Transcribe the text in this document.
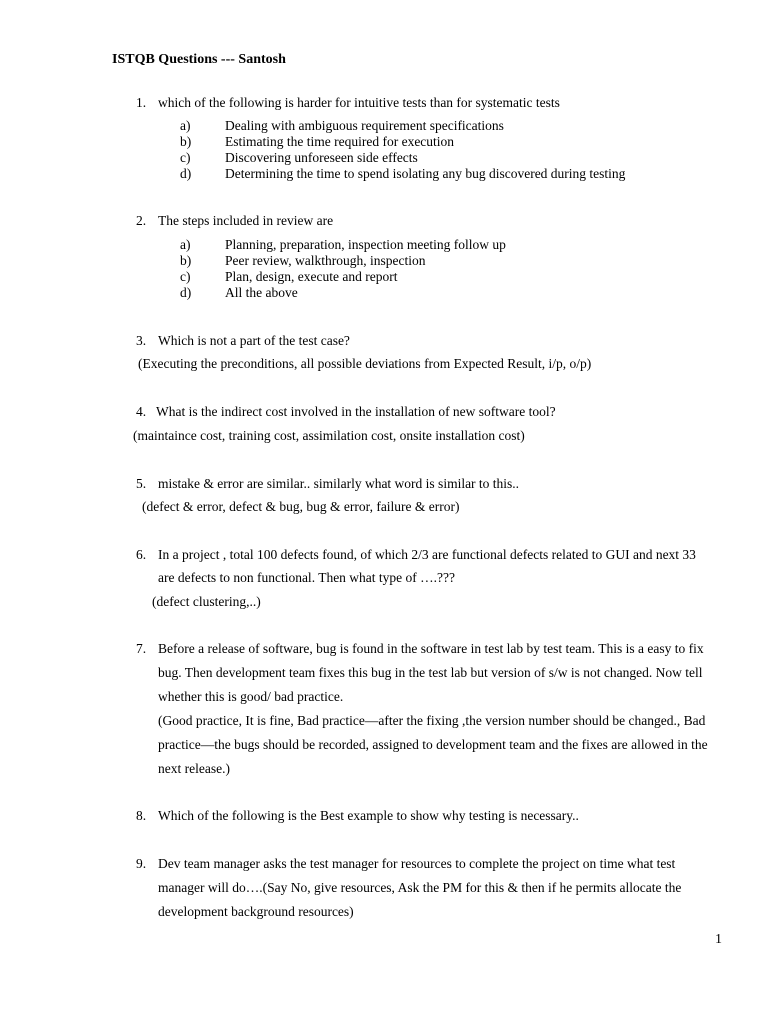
ISTQB Questions --- Santosh
1. which of the following is harder for intuitive tests than for systematic tests
a)	Dealing with ambiguous requirement specifications
b)	Estimating the time required for execution
c)	Discovering unforeseen side effects
d)	Determining the time to spend isolating any bug discovered during testing
2. The steps included in review are
a)	Planning, preparation, inspection meeting follow up
b)	Peer review, walkthrough, inspection
c)	Plan, design, execute and report
d)	All the above
3. Which is not a part of the test case?
(Executing the preconditions, all possible deviations from Expected Result, i/p, o/p)
4. What is the indirect cost involved in the installation of new software tool?
(maintaince cost, training cost, assimilation cost, onsite installation cost)
5. mistake & error are similar.. similarly what word is similar to this..
(defect & error, defect & bug, bug & error, failure & error)
6. In a project , total 100 defects found, of which 2/3 are functional defects related to GUI and next 33
are defects to non functional. Then what type of ….???
(defect clustering,..)
7. Before a release of software, bug is found in the software in test lab by test team. This is a easy to fix
bug. Then development team fixes this bug in the test lab but version of s/w is not changed. Now tell
whether this is good/ bad practice.
(Good practice, It is fine, Bad practice—after the fixing ,the version number should be changed., Bad
practice—the bugs should be recorded, assigned to development team and the fixes are allowed in the
next release.)
8. Which of the following is the Best example to show why testing is necessary..
9. Dev team manager asks the test manager for resources to complete the project on time what test
manager will do….(Say No, give resources, Ask the PM for this & then if he permits allocate the
development background resources)
1
